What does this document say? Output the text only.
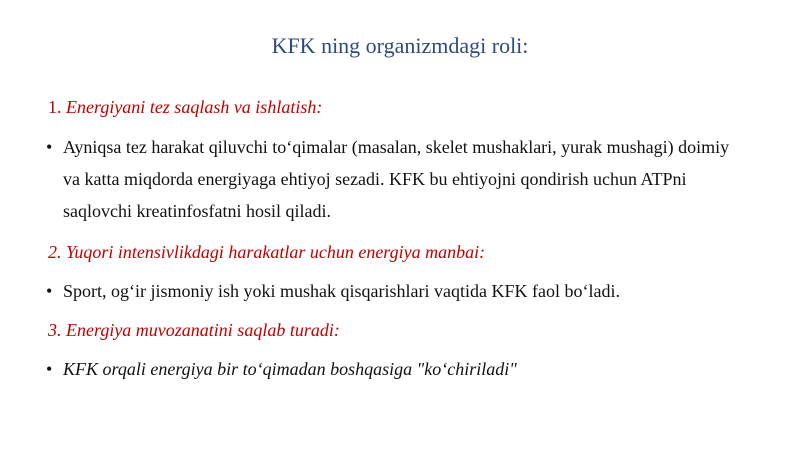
KFK ning organizmdagi roli:
1. Energiyani tez saqlash va ishlatish:
• Ayniqsa tez harakat qiluvchi to‘qimalar (masalan, skelet mushaklari, yurak mushagi) doimiy va katta miqdorda energiyaga ehtiyoj sezadi. KFK bu ehtiyojni qondirish uchun ATPni saqlovchi kreatinfosfatni hosil qiladi.
2. Yuqori intensivlikdagi harakatlar uchun energiya manbai:
• Sport, og‘ir jismoniy ish yoki mushak qisqarishlari vaqtida KFK faol bo‘ladi.
3. Energiya muvozanatini saqlab turadi:
• KFK orqali energiya bir to‘qimadan boshqasiga "ko‘chiriladi"
